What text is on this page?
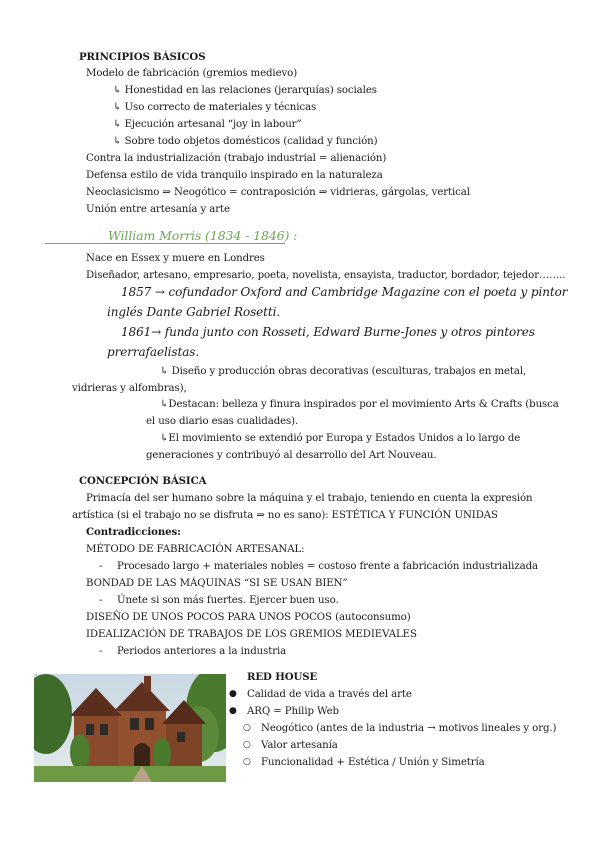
PRINCIPIOS BÁSICOS
Modelo de fabricación (gremios medievo)
↳ Honestidad en las relaciones (jerarquías) sociales
↳ Uso correcto de materiales y técnicas
↳ Ejecución artesanal “joy in labour”
↳ Sobre todo objetos domésticos (calidad y función)
Contra la industrialización (trabajo industrial = alienación)
Defensa estilo de vida tranquilo inspirado en la naturaleza
Neoclasicismo ⇒ Neogótico = contraposición ⇒ vidrieras, gárgolas, vertical
Unión entre artesanía y arte
William Morris (1834 - 1846) :
Nace en Essex y muere en Londres
Diseñador, artesano, empresario, poeta, novelista, ensayista, traductor, bordador, tejedor……..
1857 → cofundador Oxford and Cambridge Magazine con el poeta y pintor
inglés Dante Gabriel Rosetti.
1861→ funda junto con Rosseti, Edward Burne-Jones y otros pintores
prerrafaelistas.
↳ Diseño y producción obras decorativas (esculturas, trabajos en metal,
vidrieras y alfombras),
↳Destacan: belleza y finura inspirados por el movimiento Arts & Crafts (busca
el uso diario esas cualidades).
↳El movimiento se extendió por Europa y Estados Unidos a lo largo de
generaciones y contribuyó al desarrollo del Art Nouveau.
CONCEPCIÓN BÁSICA
Primacía del ser humano sobre la máquina y el trabajo, teniendo en cuenta la expresión
artística (si el trabajo no se disfruta ⇒ no es sano): ESTÉTICA Y FUNCIÓN UNIDAS
Contradicciones:
MÉTODO DE FABRICACIÓN ARTESANAL:
- Procesado largo + materiales nobles = costoso frente a fabricación industrializada
BONDAD DE LAS MÁQUINAS “SI SE USAN BIEN”
- Únete si son más fuertes. Ejercer buen uso.
DISEÑO DE UNOS POCOS PARA UNOS POCOS (autoconsumo)
IDEALIZACIÓN DE TRABAJOS DE LOS GREMIOS MEDIEVALES
- Periodos anteriores a la industria
RED HOUSE
● Calidad de vida a través del arte
● ARQ = Philip Web
○ Neogótico (antes de la industria → motivos lineales y org.)
○ Valor artesanía
○ Funcionalidad + Estética / Unión y Simetría
